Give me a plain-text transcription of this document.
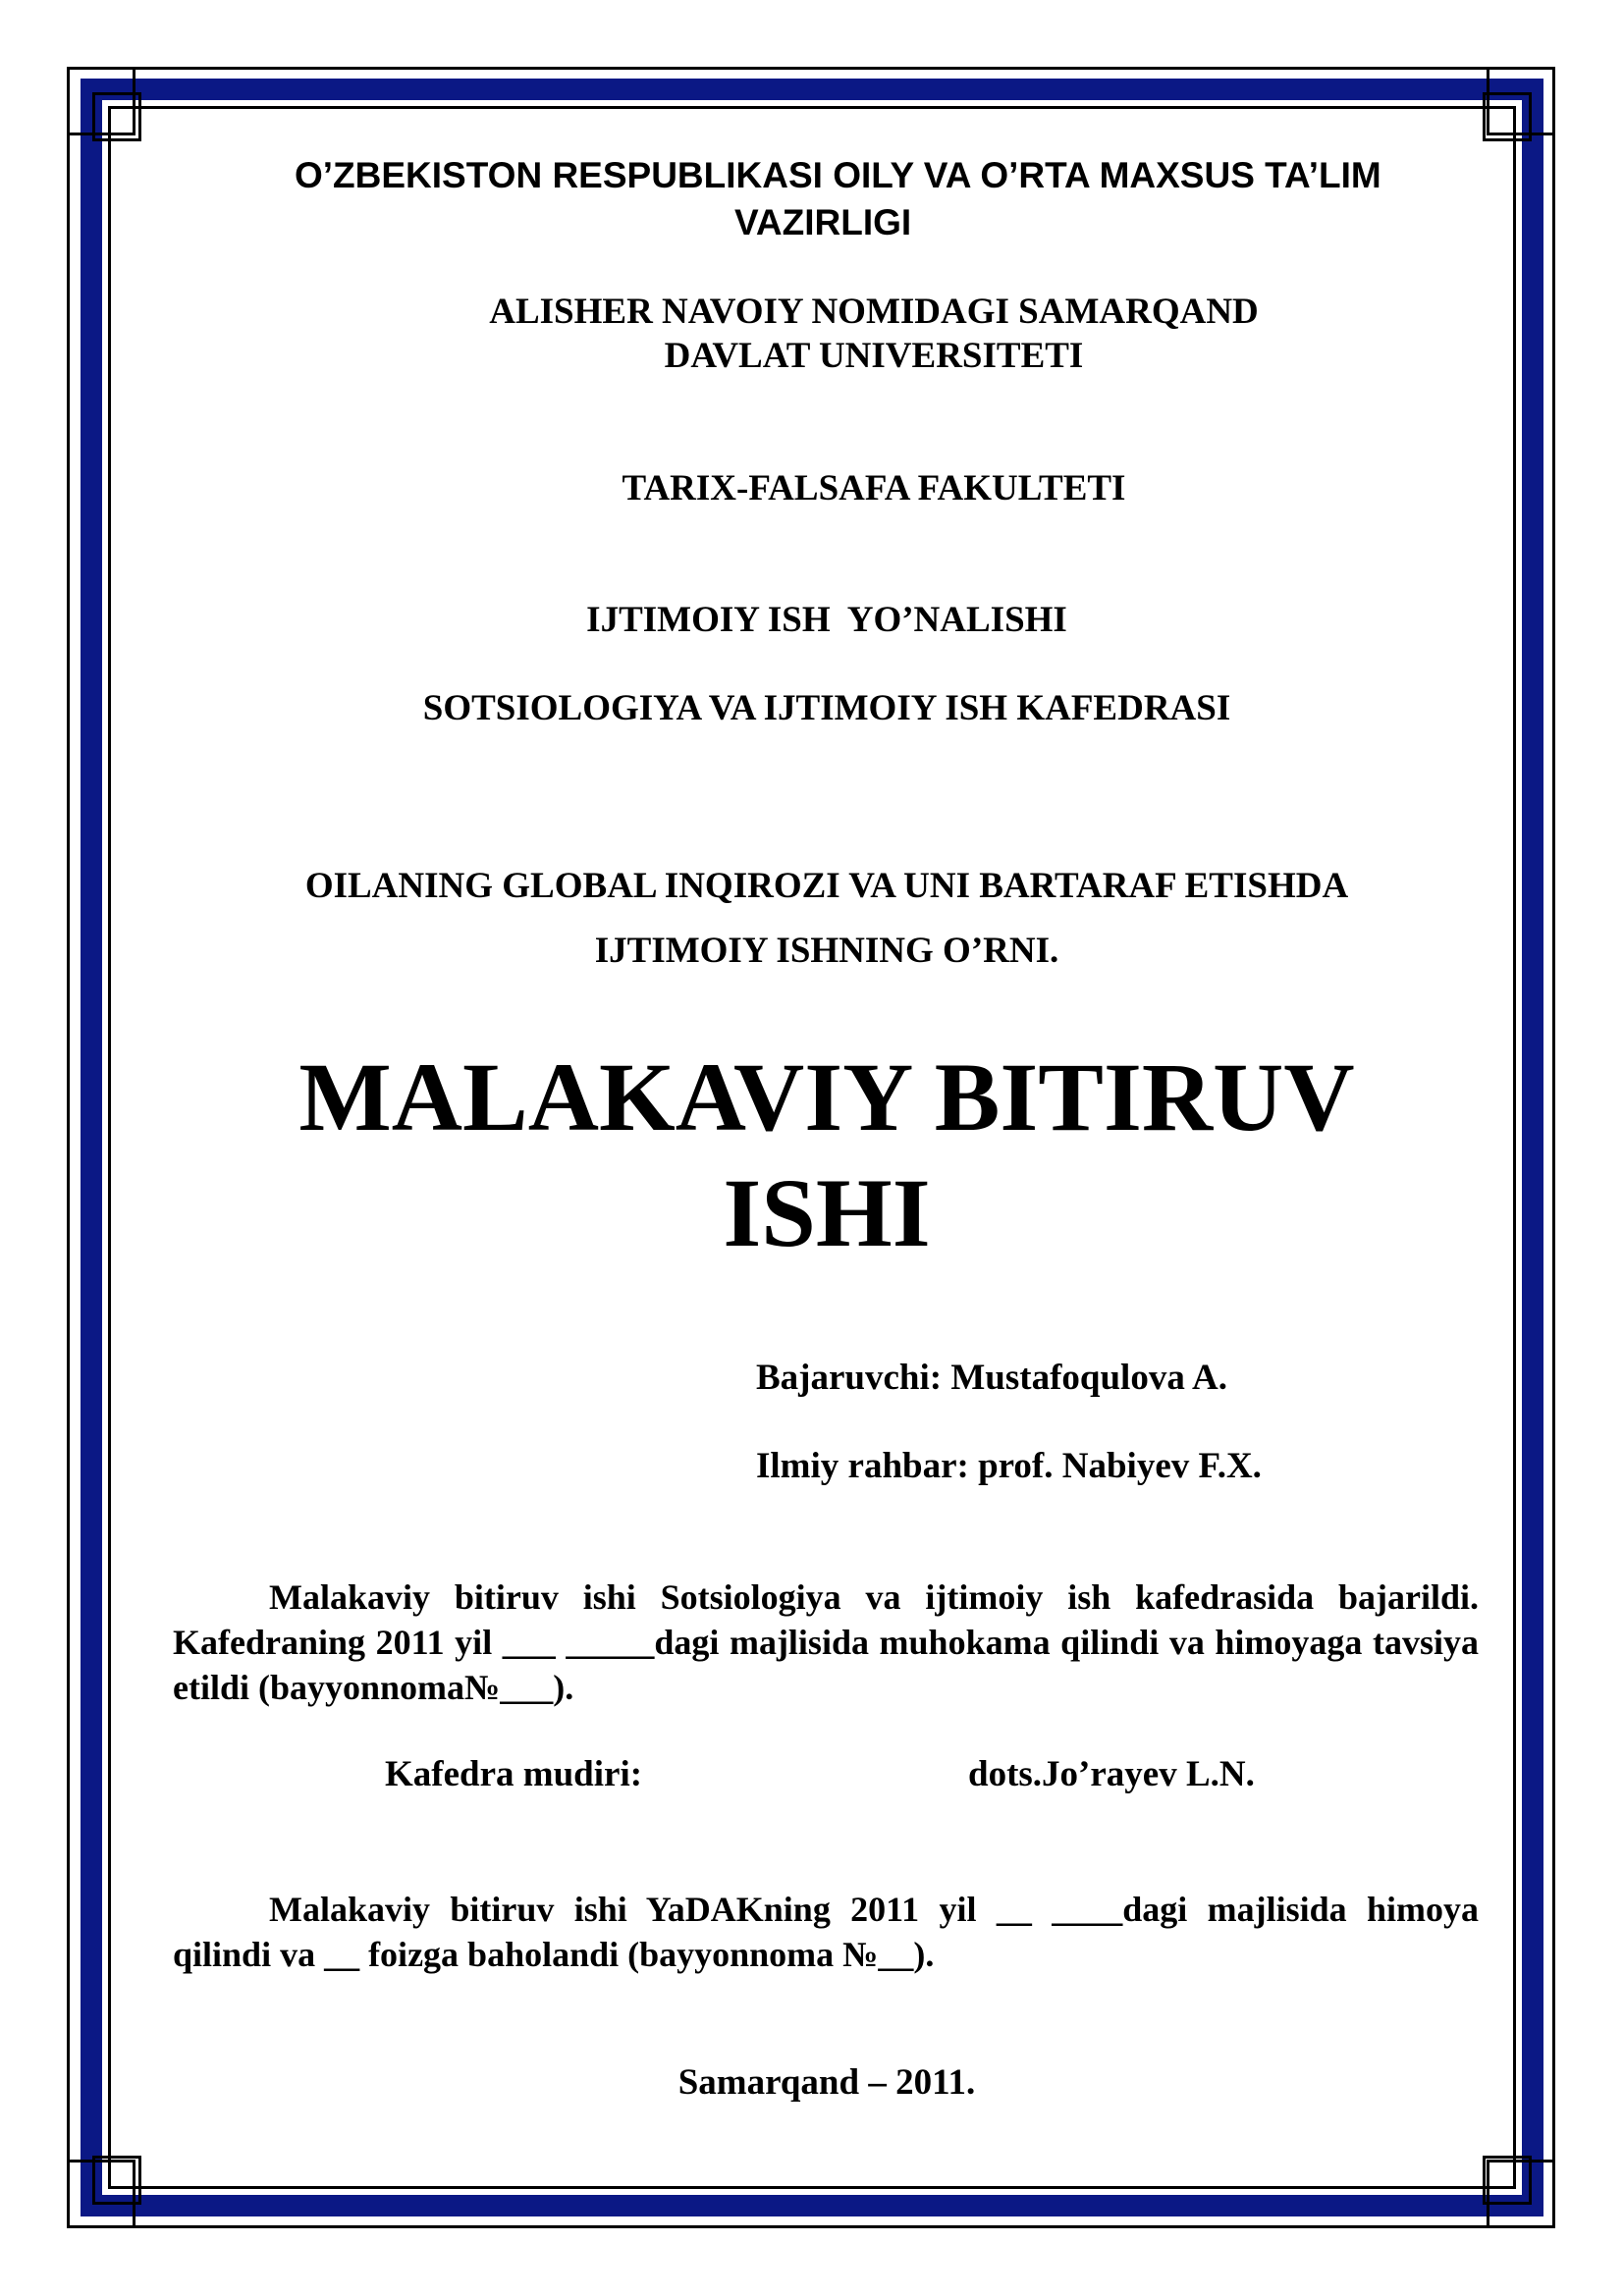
O’ZBEKISTON RESPUBLIKASI OILY VA O’RTA MAXSUS TA’LIM
VAZIRLIGI
ALISHER NAVOIY NOMIDAGI SAMARQAND
DAVLAT UNIVERSITETI
TARIX-FALSAFA FAKULTETI
IJTIMOIY ISH  YO’NALISHI
SOTSIOLOGIYA VA IJTIMOIY ISH KAFEDRASI
OILANING GLOBAL INQIROZI VA UNI BARTARAF ETISHDA
IJTIMOIY ISHNING O’RNI.
MALAKAVIY BITIRUV
ISHI
Bajaruvchi: Mustafoqulova A.
Ilmiy rahbar: prof. Nabiyev F.X.
Malakaviy bitiruv ishi Sotsiologiya va ijtimoiy ish kafedrasida bajarildi. Kafedraning 2011 yil ___ _____dagi majlisida muhokama qilindi va himoyaga tavsiya etildi (bayyonnoma№___).
Kafedra mudiri:	dots.Jo’rayev L.N.
Malakaviy bitiruv ishi YaDAKning 2011 yil __ ____dagi majlisida himoya qilindi va __ foizga baholandi (bayyonnoma №__).
Samarqand – 2011.
